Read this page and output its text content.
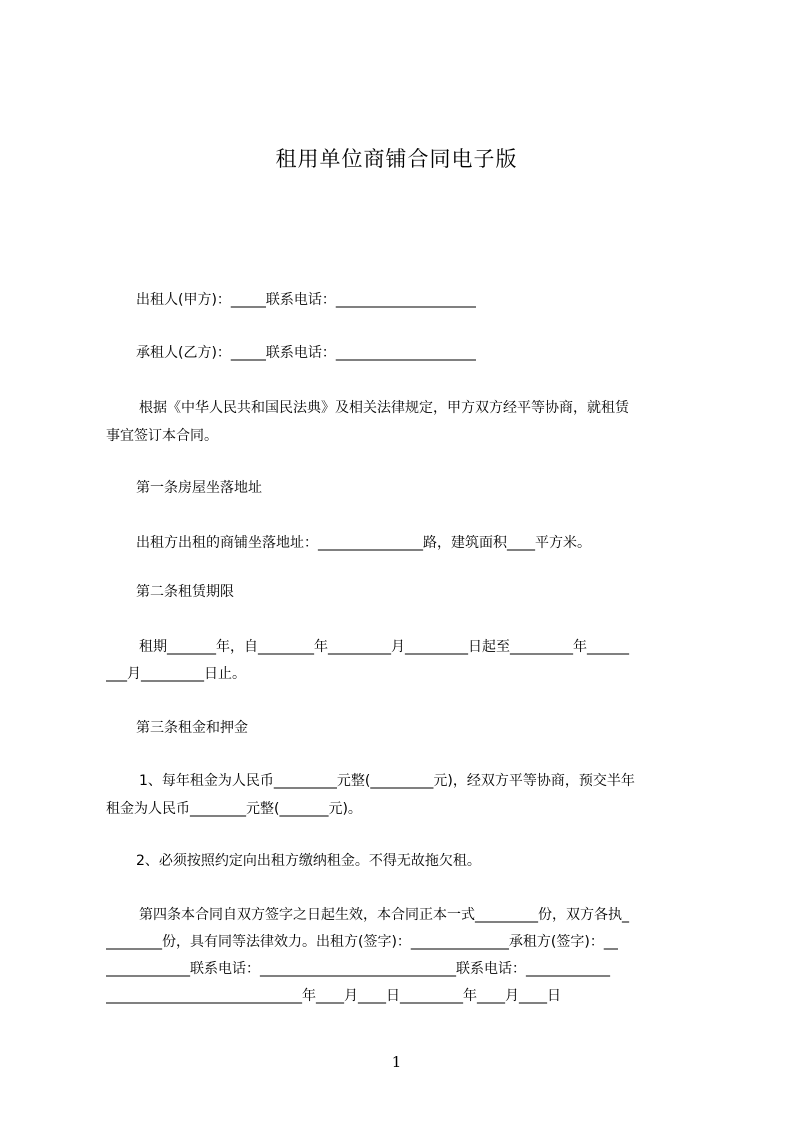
租用单位商铺合同电子版

出租人(甲方)：_____联系电话：____________________

承租人(乙方)：_____联系电话：____________________

根据《中华人民共和国民法典》及相关法律规定，甲方双方经平等协商，就租赁

事宜签订本合同。

第一条房屋坐落地址

出租方出租的商铺坐落地址：_______________路，建筑面积____平方米。

第二条租赁期限

租期_______年，自________年_________月_________日起至_________年______

___月_________日止。

第三条租金和押金

1、每年租金为人民币_________元整(_________元)，经双方平等协商，预交半年

租金为人民币________元整(_______元)。

2、必须按照约定向出租方缴纳租金。不得无故拖欠租。

第四条本合同自双方签字之日起生效，本合同正本一式_________份，双方各执_

________份，具有同等法律效力。出租方(签字)：______________承租方(签字)：__

____________联系电话：____________________________联系电话：____________

____________________________年____月____日_________年____月____日

1
